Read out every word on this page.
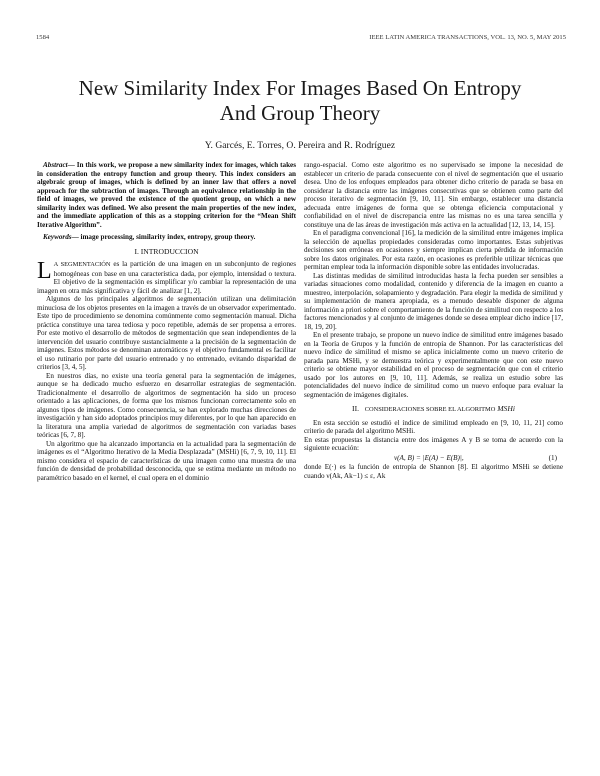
1584	IEEE LATIN AMERICA TRANSACTIONS, VOL. 13, NO. 5, MAY 2015
New Similarity Index For Images Based On Entropy And Group Theory
Y. Garcés, E. Torres, O. Pereira and R. Rodríguez

Abstract— In this work, we propose a new similarity index for images, which takes in consideration the entropy function and group theory. This index considers an algebraic group of images, which is defined by an inner law that offers a novel approach for the subtraction of images. Through an equivalence relationship in the field of images, we proved the existence of the quotient group, on which a new similarity index was defined. We also present the main properties of the new index, and the immediate application of this as a stopping criterion for the “Mean Shift Iterative Algorithm”.

Keywords— image processing, similarity index, entropy, group theory.

I. INTRODUCCION

L A SEGMENTACIÓN es la partición de una imagen en un subconjunto de regiones homogéneas con base en una característica dada, por ejemplo, intensidad o textura. El objetivo de la segmentación es simplificar y/o cambiar la representación de una imagen en otra más significativa y fácil de analizar [1, 2].

Algunos de los principales algoritmos de segmentación utilizan una delimitación minuciosa de los objetos presentes en la imagen a través de un observador experimentado. Este tipo de procedimiento se denomina comúnmente como segmentación manual. Dicha práctica constituye una tarea tediosa y poco repetible, además de ser propensa a errores. Por este motivo el desarrollo de métodos de segmentación que sean independientes de la intervención del usuario contribuye sustancialmente a la precisión de la segmentación de imágenes. Estos métodos se denominan automáticos y el objetivo fundamental es facilitar el uso rutinario por parte del usuario entrenado y no entrenado, evitando disparidad de criterios [3, 4, 5].

En nuestros días, no existe una teoría general para la segmentación de imágenes, aunque se ha dedicado mucho esfuerzo en desarrollar estrategias de segmentación. Tradicionalmente el desarrollo de algoritmos de segmentación ha sido un proceso orientado a las aplicaciones, de forma que los mismos funcionan correctamente solo en algunos tipos de imágenes. Como consecuencia, se han explorado muchas direcciones de investigación y han sido adoptados principios muy diferentes, por lo que han aparecido en la literatura una amplia variedad de algoritmos de segmentación con variadas bases teóricas [6, 7, 8].

Un algoritmo que ha alcanzado importancia en la actualidad para la segmentación de imágenes es el “Algoritmo Iterativo de la Media Desplazada” (MSHi) [6, 7, 9, 10, 11]. El mismo considera el espacio de características de una imagen como una muestra de una función de densidad de probabilidad desconocida, que se estima mediante un método no paramétrico basado en el kernel, el cual opera en el dominio

rango-espacial. Como este algoritmo es no supervisado se impone la necesidad de establecer un criterio de parada consecuente con el nivel de segmentación que el usuario desea. Uno de los enfoques empleados para obtener dicho criterio de parada se basa en considerar la distancia entre las imágenes consecutivas que se obtienen como parte del proceso iterativo de segmentación [9, 10, 11]. Sin embargo, establecer una distancia adecuada entre imágenes de forma que se obtenga eficiencia computacional y confiabilidad en el nivel de discrepancia entre las mismas no es una tarea sencilla y constituye una de las áreas de investigación más activa en la actualidad [12, 13, 14, 15].

En el paradigma convencional [16], la medición de la similitud entre imágenes implica la selección de aquellas propiedades consideradas como importantes. Estas subjetivas decisiones son erróneas en ocasiones y siempre implican cierta pérdida de información sobre los datos originales. Por esta razón, en ocasiones es preferible utilizar técnicas que permitan emplear toda la información disponible sobre las entidades involucradas.

Las distintas medidas de similitud introducidas hasta la fecha pueden ser sensibles a variadas situaciones como modalidad, contenido y diferencia de la imagen en cuanto a muestreo, interpolación, solapamiento y degradación. Para elegir la medida de similitud y su implementación de manera apropiada, es a menudo deseable disponer de alguna información a priori sobre el comportamiento de la función de similitud con respecto a los factores mencionados y al conjunto de imágenes donde se desea emplear dicho índice [17, 18, 19, 20].

En el presente trabajo, se propone un nuevo índice de similitud entre imágenes basado en la Teoría de Grupos y la función de entropía de Shannon. Por las características del nuevo índice de similitud el mismo se aplica inicialmente como un nuevo criterio de parada para MSHi, y se demuestra teórica y experimentalmente que con este nuevo criterio se obtiene mayor estabilidad en el proceso de segmentación que con el criterio usado por los autores en [9, 10, 11]. Además, se realiza un estudio sobre las potencialidades del nuevo índice de similitud como un nuevo enfoque para evaluar la segmentación de imágenes digitales.

II. CONSIDERACIONES SOBRE EL ALGORITMO MSHi

En esta sección se estudió el índice de similitud empleado en [9, 10, 11, 21] como criterio de parada del algoritmo MSHi.

En estas propuestas la distancia entre dos imágenes A y B se toma de acuerdo con la siguiente ecuación:

ν(A, B) = |E(A) − E(B)|,	(1)

donde E(·) es la función de entropía de Shannon [8]. El algoritmo MSHi se detiene cuando ν(Ak, Ak−1) ≤ ε, Ak
